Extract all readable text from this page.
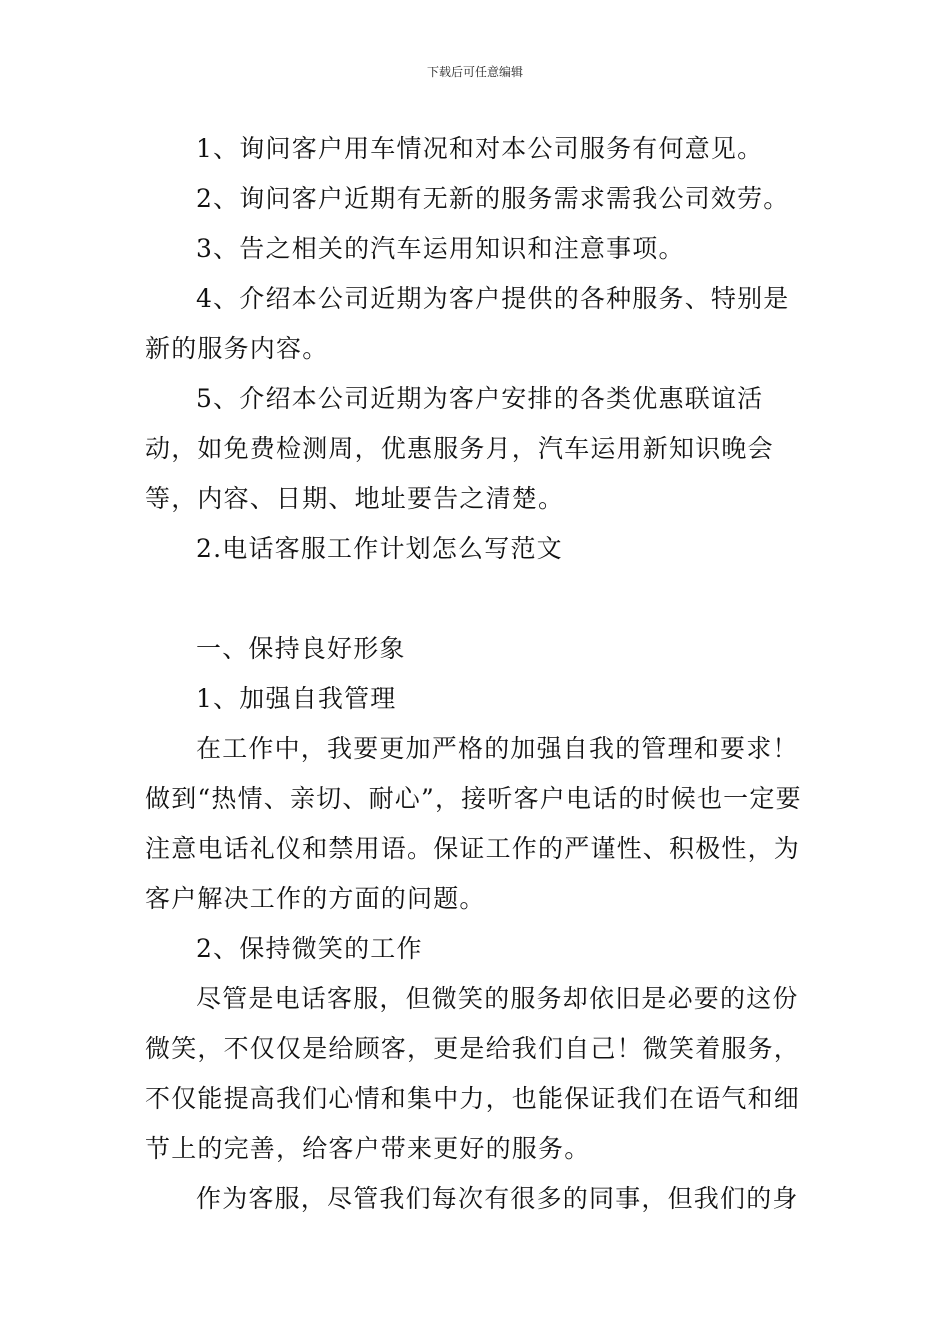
下载后可任意编辑

1、询问客户用车情况和对本公司服务有何意见。

2、询问客户近期有无新的服务需求需我公司效劳。

3、告之相关的汽车运用知识和注意事项。

4、介绍本公司近期为客户提供的各种服务、特别是新的服务内容。

5、介绍本公司近期为客户安排的各类优惠联谊活动，如免费检测周，优惠服务月，汽车运用新知识晚会等，内容、日期、地址要告之清楚。

2.电话客服工作计划怎么写范文

一、保持良好形象

1、加强自我管理

在工作中，我要更加严格的加强自我的管理和要求！做到“热情、亲切、耐心”，接听客户电话的时候也一定要注意电话礼仪和禁用语。保证工作的严谨性、积极性，为客户解决工作的方面的问题。

2、保持微笑的工作

尽管是电话客服，但微笑的服务却依旧是必要的这份微笑，不仅仅是给顾客，更是给我们自己！微笑着服务，不仅能提高我们心情和集中力，也能保证我们在语气和细节上的完善，给客户带来更好的服务。

作为客服，尽管我们每次有很多的同事，但我们的身
